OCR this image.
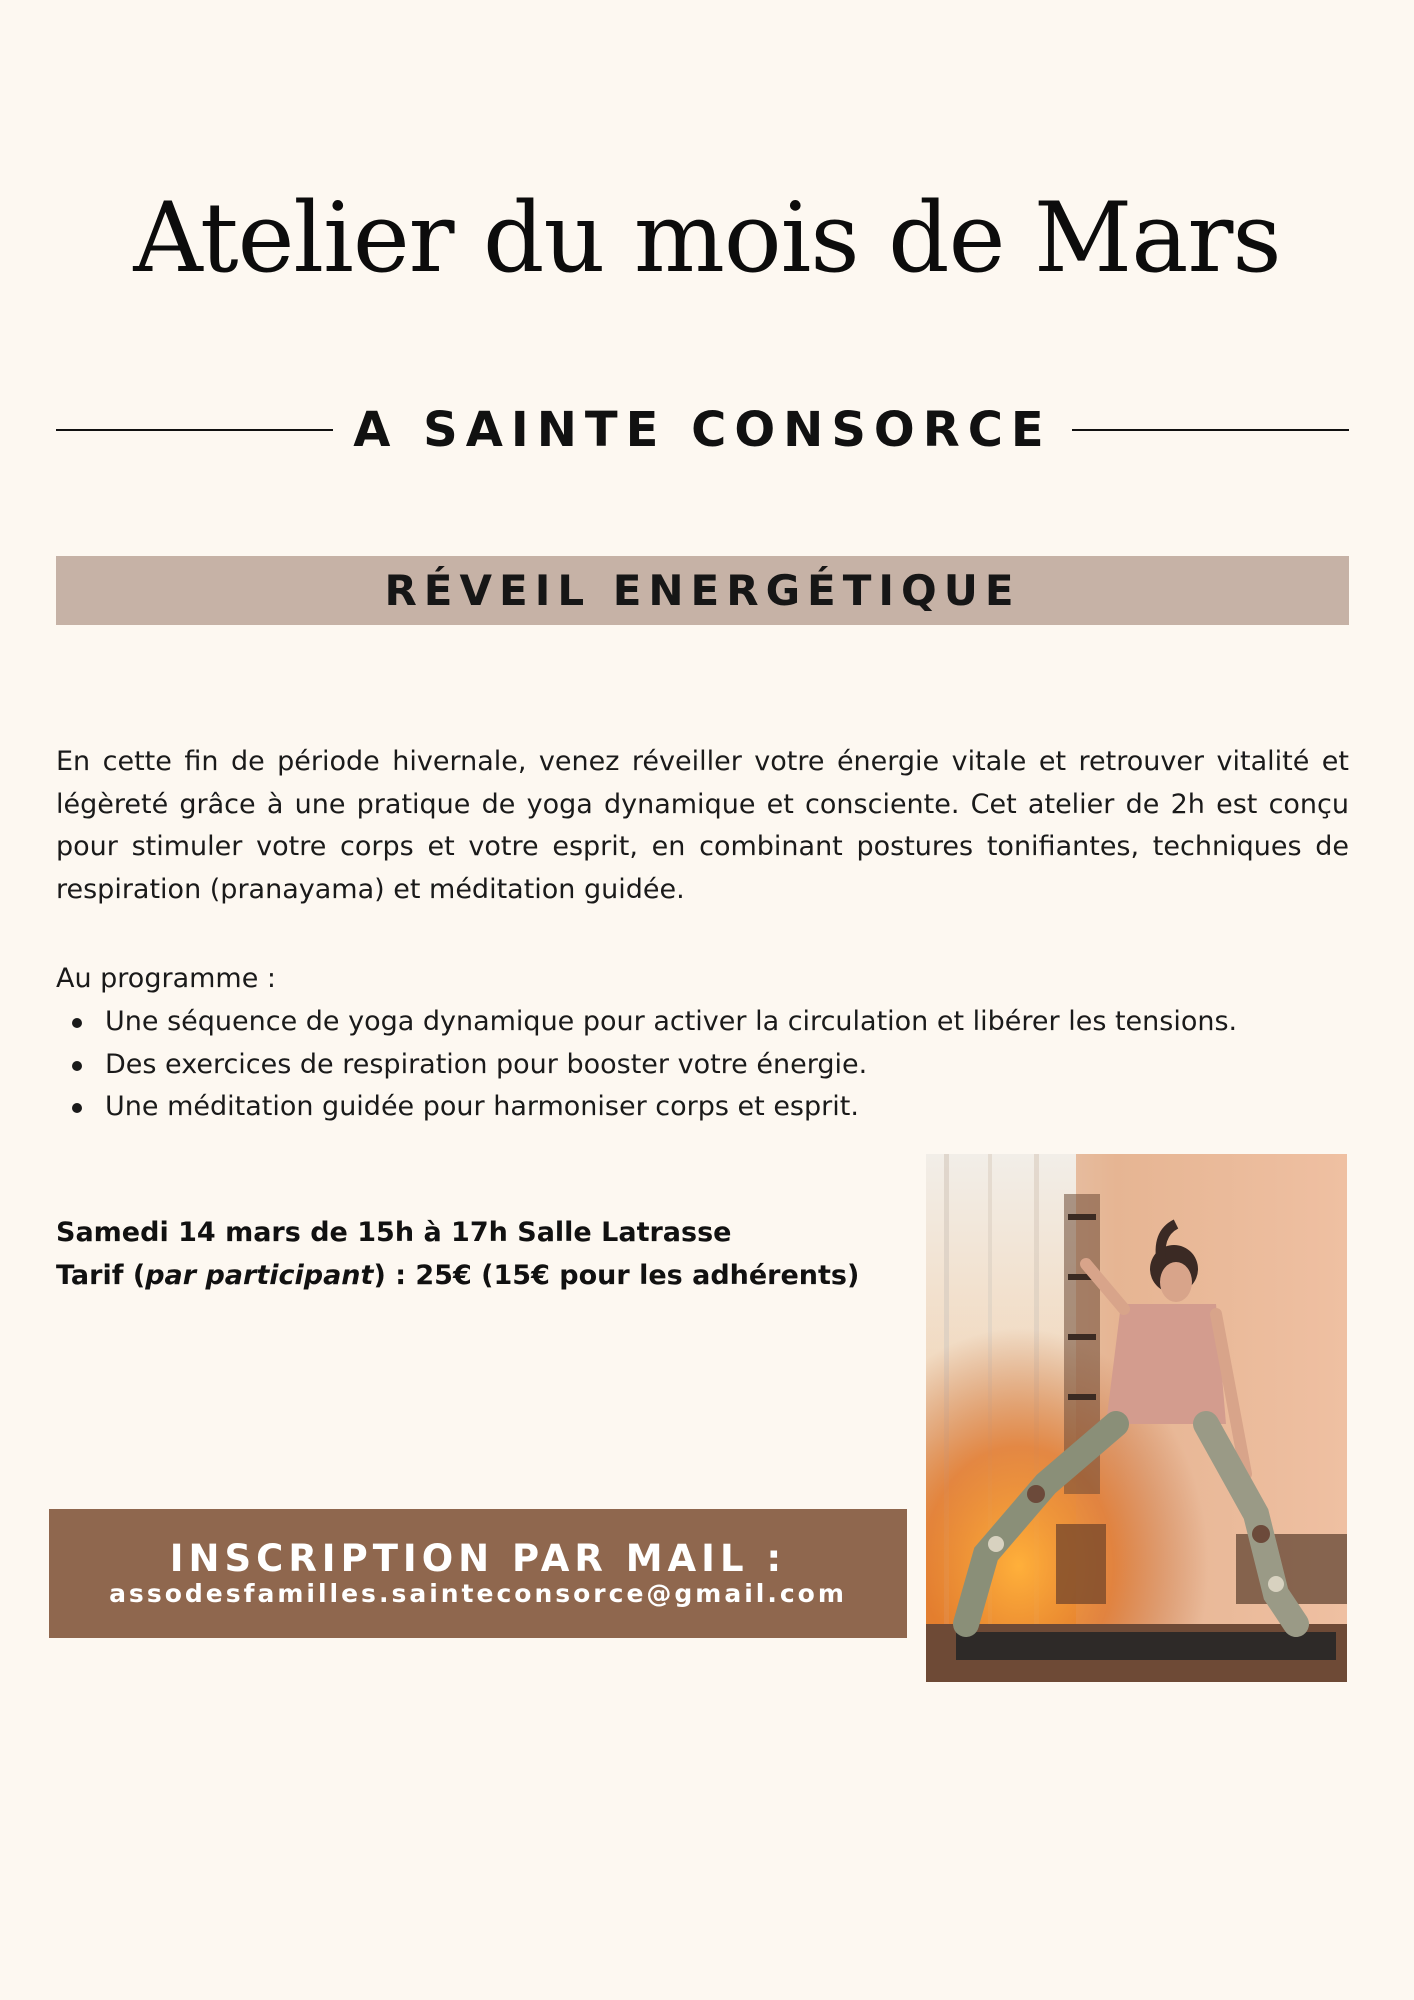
Atelier du mois de Mars
A SAINTE CONSORCE
RÉVEIL ENERGÉTIQUE

En cette fin de période hivernale, venez réveiller votre énergie vitale et retrouver vitalité et légèreté grâce à une pratique de yoga dynamique et consciente. Cet atelier de 2h est conçu pour stimuler votre corps et votre esprit, en combinant postures tonifiantes, techniques de respiration (pranayama) et méditation guidée.

Au programme :
Une séquence de yoga dynamique pour activer la circulation et libérer les tensions.
Des exercices de respiration pour booster votre énergie.
Une méditation guidée pour harmoniser corps et esprit.
Samedi 14 mars de 15h à 17h Salle Latrasse
Tarif (par participant) : 25€ (15€ pour les adhérents)
INSCRIPTION PAR MAIL :
assodesfamilles.sainteconsorce@gmail.com
